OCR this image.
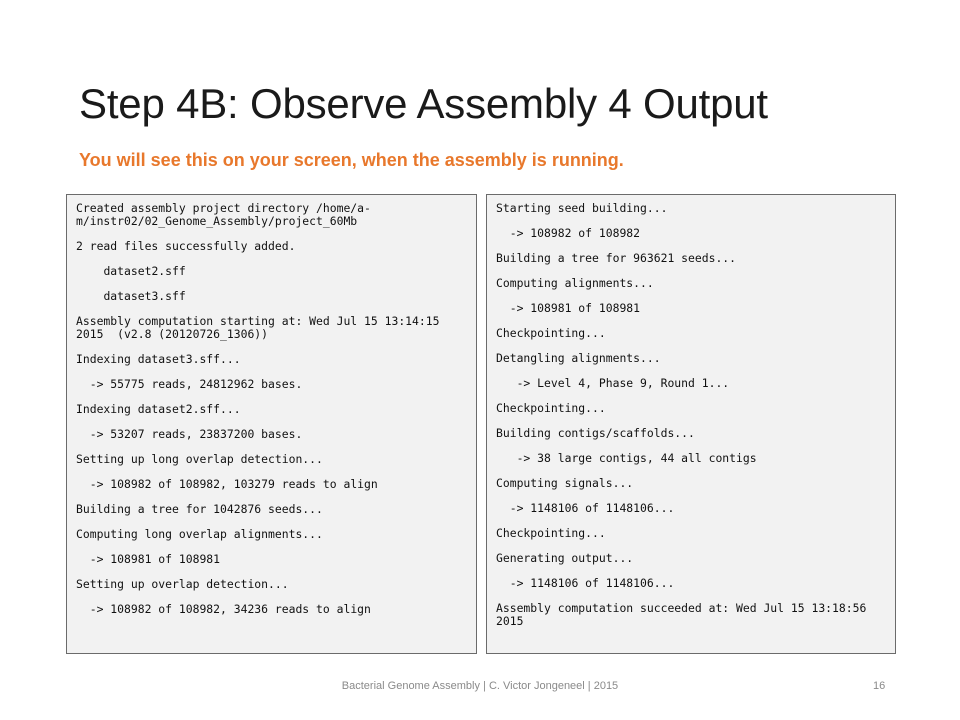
Step 4B: Observe Assembly 4 Output
You will see this on your screen, when the assembly is running.
Created assembly project directory /home/a-m/instr02/02_Genome_Assembly/project_60Mb
2 read files successfully added.
dataset2.sff
dataset3.sff
Assembly computation starting at: Wed Jul 15 13:14:15 2015  (v2.8 (20120726_1306))
Indexing dataset3.sff...
-> 55775 reads, 24812962 bases.
Indexing dataset2.sff...
-> 53207 reads, 23837200 bases.
Setting up long overlap detection...
-> 108982 of 108982, 103279 reads to align
Building a tree for 1042876 seeds...
Computing long overlap alignments...
-> 108981 of 108981
Setting up overlap detection...
-> 108982 of 108982, 34236 reads to align
Starting seed building...
-> 108982 of 108982
Building a tree for 963621 seeds...
Computing alignments...
-> 108981 of 108981
Checkpointing...
Detangling alignments...
-> Level 4, Phase 9, Round 1...
Checkpointing...
Building contigs/scaffolds...
-> 38 large contigs, 44 all contigs
Computing signals...
-> 1148106 of 1148106...
Checkpointing...
Generating output...
-> 1148106 of 1148106...
Assembly computation succeeded at: Wed Jul 15 13:18:56 2015
Bacterial Genome Assembly | C. Victor Jongeneel | 2015	16
